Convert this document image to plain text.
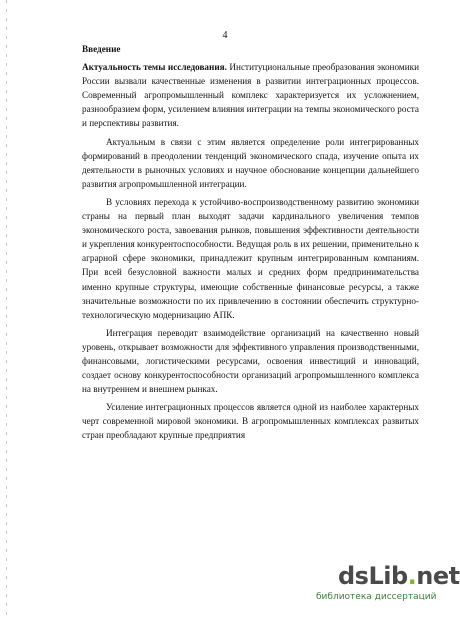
4
Введение

Актуальность темы исследования. Институциональные преобразования экономики России вызвали качественные изменения в развитии интеграционных процессов. Современный агропромышленный комплекс характеризуется их усложнением, разнообразием форм, усилением влияния интеграции на темпы экономического роста и перспективы развития.

Актуальным в связи с этим является определение роли интегрированных формирований в преодолении тенденций экономического спада, изучение опыта их деятельности в рыночных условиях и научное обоснование концепции дальнейшего развития агропромышленной интеграции.

В условиях перехода к устойчиво-воспроизводственному развитию экономики страны на первый план выходят задачи кардинального увеличения темпов экономического роста, завоевания рынков, повышения эффективности деятельности и укрепления конкурентоспособности. Ведущая роль в их решении, применительно к аграрной сфере экономики, принадлежит крупным интегрированным компаниям. При всей безусловной важности малых и средних форм предпринимательства именно крупные структуры, имеющие собственные финансовые ресурсы, а также значительные возможности по их привлечению в состоянии обеспечить структурно-технологическую модернизацию АПК.

Интеграция переводит взаимодействие организаций на качественно новый уровень, открывает возможности для эффективного управления производственными, финансовыми, логистическими ресурсами, освоения инвестиций и инноваций, создает основу конкурентоспособности организаций агропромышленного комплекса на внутреннем и внешнем рынках.

Усиление интеграционных процессов является одной из наиболее характерных черт современной мировой экономики. В агропромышленных комплексах развитых стран преобладают крупные предприятия

dsLib.net
библиотека диссертаций
